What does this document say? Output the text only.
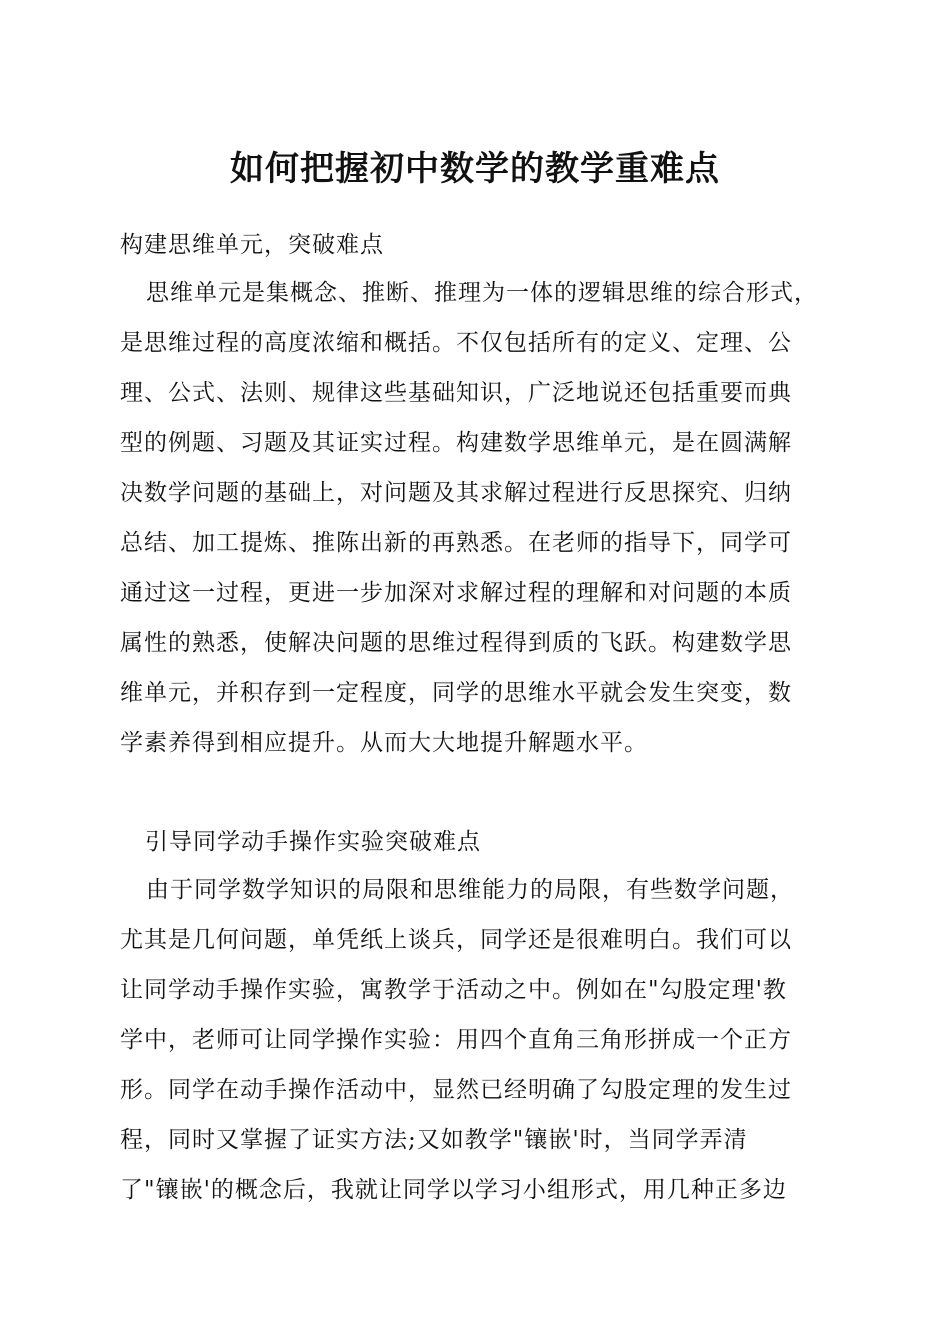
如何把握初中数学的教学重难点
构建思维单元，突破难点
思维单元是集概念、推断、推理为一体的逻辑思维的综合形式，
是思维过程的高度浓缩和概括。不仅包括所有的定义、定理、公
理、公式、法则、规律这些基础知识，广泛地说还包括重要而典
型的例题、习题及其证实过程。构建数学思维单元，是在圆满解
决数学问题的基础上，对问题及其求解过程进行反思探究、归纳
总结、加工提炼、推陈出新的再熟悉。在老师的指导下，同学可
通过这一过程，更进一步加深对求解过程的理解和对问题的本质
属性的熟悉，使解决问题的思维过程得到质的飞跃。构建数学思
维单元，并积存到一定程度，同学的思维水平就会发生突变，数
学素养得到相应提升。从而大大地提升解题水平。
引导同学动手操作实验突破难点
由于同学数学知识的局限和思维能力的局限，有些数学问题，
尤其是几何问题，单凭纸上谈兵，同学还是很难明白。我们可以
让同学动手操作实验，寓教学于活动之中。例如在"勾股定理'教
学中，老师可让同学操作实验：用四个直角三角形拼成一个正方
形。同学在动手操作活动中，显然已经明确了勾股定理的发生过
程，同时又掌握了证实方法;又如教学"镶嵌'时，当同学弄清
了"镶嵌'的概念后，我就让同学以学习小组形式，用几种正多边
